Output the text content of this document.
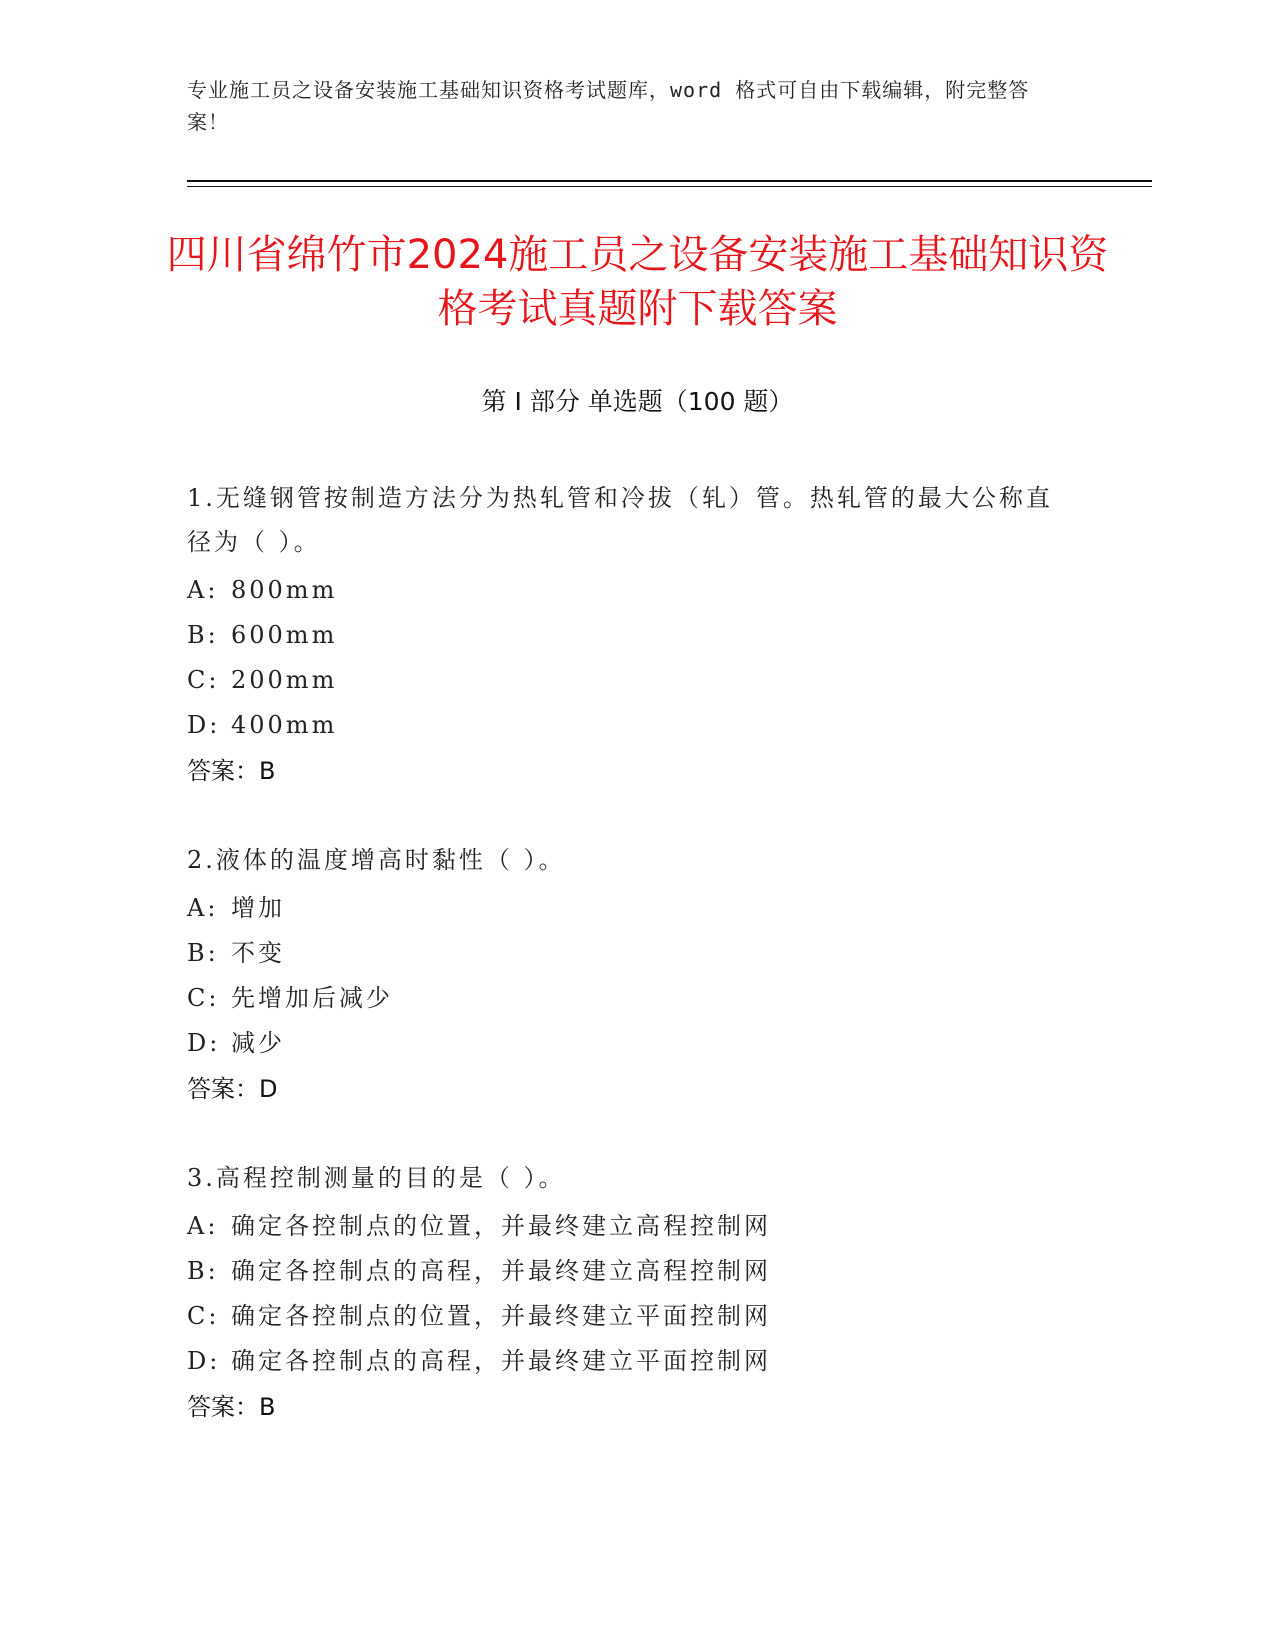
专业施工员之设备安装施工基础知识资格考试题库，word 格式可自由下载编辑，附完整答案！
四川省绵竹市2024施工员之设备安装施工基础知识资格考试真题附下载答案
第 I 部分 单选题（100 题）
1.无缝钢管按制造方法分为热轧管和冷拔（轧）管。热轧管的最大公称直径为（ ）。
A: 800mm
B: 600mm
C: 200mm
D: 400mm
答案：B
2.液体的温度增高时黏性（ ）。
A: 增加
B: 不变
C: 先增加后减少
D: 减少
答案：D
3.高程控制测量的目的是（ ）。
A: 确定各控制点的位置，并最终建立高程控制网
B: 确定各控制点的高程，并最终建立高程控制网
C: 确定各控制点的位置，并最终建立平面控制网
D: 确定各控制点的高程，并最终建立平面控制网
答案：B
